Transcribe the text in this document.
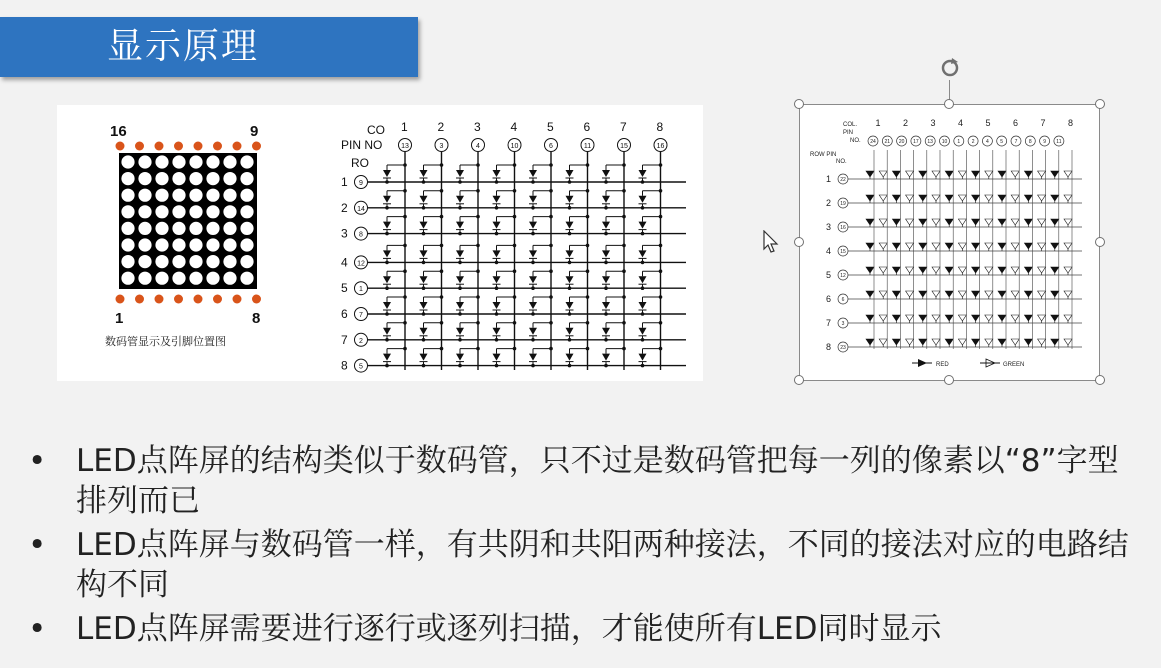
显示原理
16	9
1	8
数码管显示及引脚位置图
1
13
2
3
3
4
4
10
5
6
6
11
7
15
8
16
1 9
2 14
3 8
4 12
5 1
6 7
7 2
8 5
CO
PIN NO
RO
1 2 3 4 5 6 7 8
24 21 20 17 13 10 1 2 4 5 7 8 9 11
1 22
2 19
3 16
4 15
5 12
6 6
7 3
8 23
COL.
PIN
NO.
ROW PIN
NO.
RED	GREEN
• LED点阵屏的结构类似于数码管，只不过是数码管把每一列的像素以“8”字型排列而已
• LED点阵屏与数码管一样，有共阴和共阳两种接法，不同的接法对应的电路结构不同
• LED点阵屏需要进行逐行或逐列扫描，才能使所有LED同时显示
